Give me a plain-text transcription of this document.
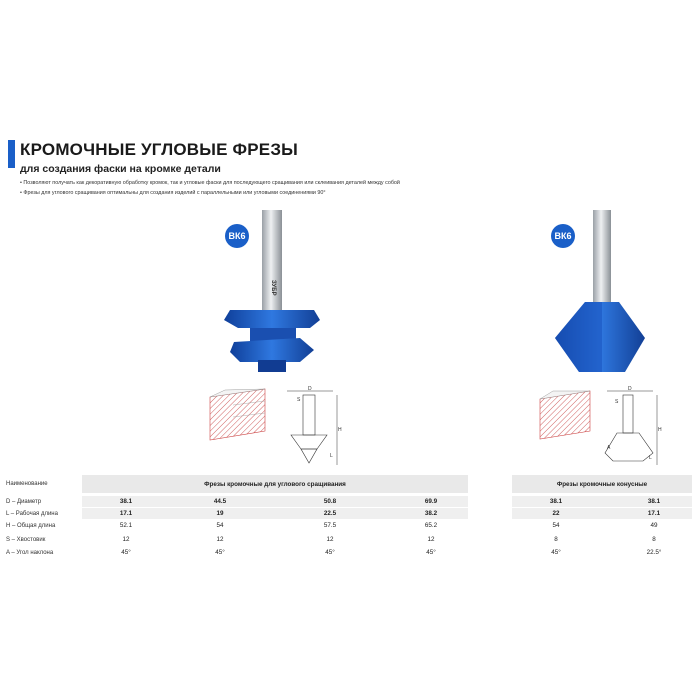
КРОМОЧНЫЕ УГЛОВЫЕ ФРЕЗЫ
для создания фаски на кромке детали
• Позволяют получать как декоративную обработку кромок, так и угловые фаски для последующего сращивания или склеивания деталей между собой
• Фрезы для углового сращивания оптимальны для создания изделий с параллельными или угловыми соединениями 90°
ВК6	ВК6
ЗУБР
D
H
S
L
D
H
S
A
L
Наименование	Фрезы кромочные для углового сращивания
D – Диаметр
L – Рабочая длина
H – Общая длина
S – Хвостовик
A – Угол наклона
38.1
17.1
52.1
12
45°
44.5
19
54
12
45°
50.8
22.5
57.5
12
45°
69.9
38.2
65.2
12
45°
Фрезы кромочные конусные
38.1
22
54
8
45°
38.1
17.1
49
8
22.5°
